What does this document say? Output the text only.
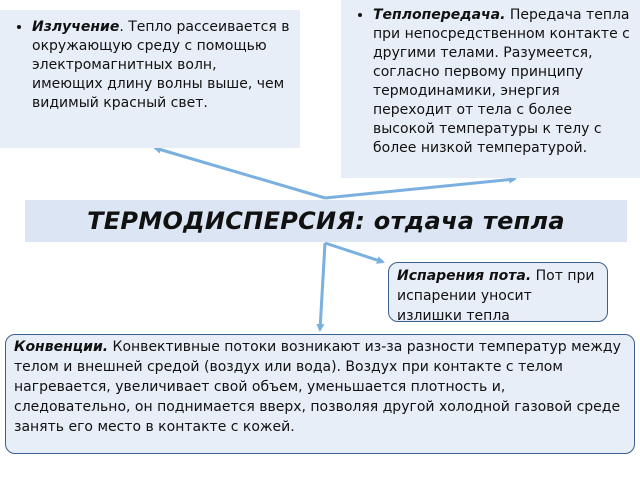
• Излучение. Тепло рассеивается в окружающую среду с помощью электромагнитных волн, имеющих длину волны выше, чем видимый красный свет.
• Теплопередача. Передача тепла при непосредственном контакте с другими телами. Разумеется, согласно первому принципу термодинамики, энергия переходит от тела с более высокой температуры к телу с более низкой температурой.
ТЕРМОДИСПЕРСИЯ: отдача тепла
Испарения пота. Пот при испарении уносит излишки тепла
Конвенции. Конвективные потоки возникают из-за разности температур между телом и внешней средой (воздух или вода). Воздух при контакте с телом нагревается, увеличивает свой объем, уменьшается плотность и, следовательно, он поднимается вверх, позволяя другой холодной газовой среде занять его место в контакте с кожей.
